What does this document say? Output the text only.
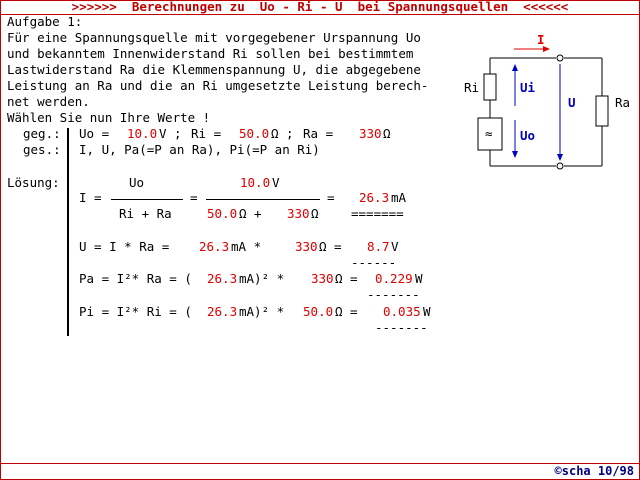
>>>>>>  Berechnungen zu  Uo - Ri - U  bei Spannungsquellen  <<<<<<
Aufgabe 1:
Für eine Spannungsquelle mit vorgegebener Urspannung Uo
und bekanntem Innenwiderstand Ri sollen bei bestimmtem
Lastwiderstand Ra die Klemmenspannung U, die abgegebene
Leistung an Ra und die an Ri umgesetzte Leistung berech-
net werden.
Wählen Sie nun Ihre Werte !
geg.: Uo = 10.0 V ; Ri = 50.0 Ω ; Ra = 330 Ω
ges.: I, U, Pa(=P an Ra), Pi(=P an Ri)
Lösung:
I =
Uo
Ri + Ra
=
10.0 V
50.0 Ω + 330 Ω
= 26.3 mA
=======
U = I * Ra = 26.3 mA *	330 Ω = 8.7 V
------
Pa = I²* Ra = ( 26.3 mA)² * 330 Ω = 0.229 W
-------
Pi = I²* Ri = ( 26.3 mA)² * 50.0 Ω = 0.035 W
-------
I
Ri	Ui
U	Ra
≈ Uo
©scha 10/98
